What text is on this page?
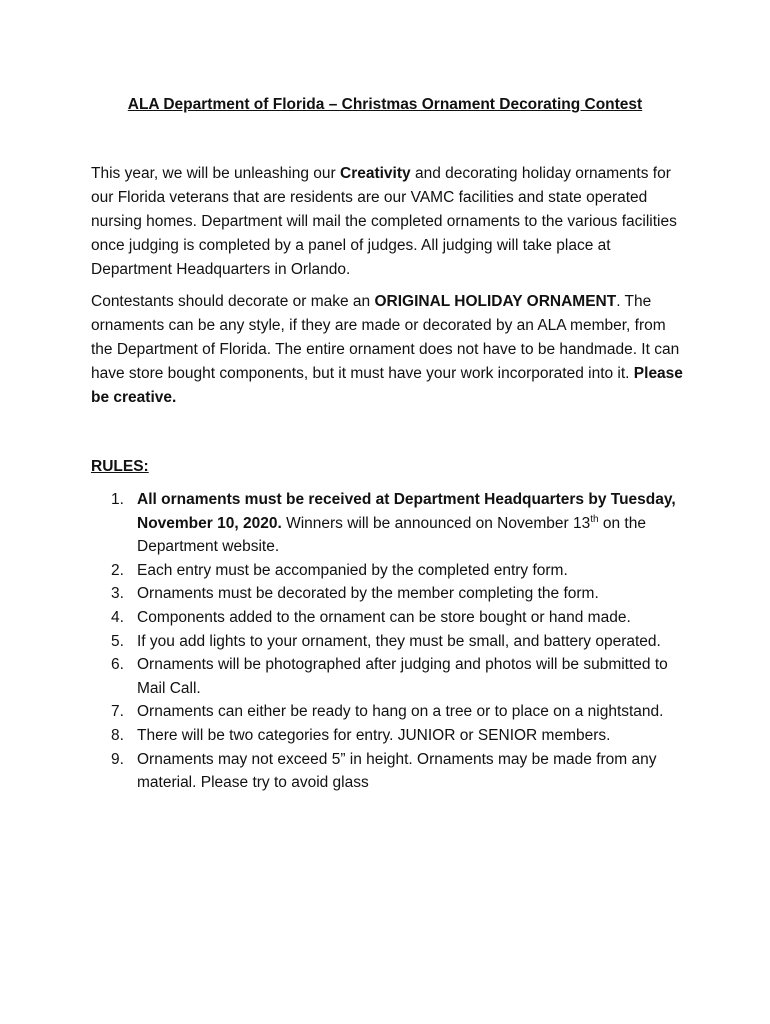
ALA Department of Florida – Christmas Ornament Decorating Contest

This year, we will be unleashing our Creativity and decorating holiday ornaments for our Florida veterans that are residents are our VAMC facilities and state operated nursing homes. Department will mail the completed ornaments to the various facilities once judging is completed by a panel of judges. All judging will take place at Department Headquarters in Orlando.

Contestants should decorate or make an ORIGINAL HOLIDAY ORNAMENT. The ornaments can be any style, if they are made or decorated by an ALA member, from the Department of Florida. The entire ornament does not have to be handmade. It can have store bought components, but it must have your work incorporated into it. Please be creative.

RULES:
1. All ornaments must be received at Department Headquarters by Tuesday, November 10, 2020. Winners will be announced on November 13th on the Department website.
2. Each entry must be accompanied by the completed entry form.
3. Ornaments must be decorated by the member completing the form.
4. Components added to the ornament can be store bought or hand made.
5. If you add lights to your ornament, they must be small, and battery operated.
6. Ornaments will be photographed after judging and photos will be submitted to Mail Call.
7. Ornaments can either be ready to hang on a tree or to place on a nightstand.
8. There will be two categories for entry. JUNIOR or SENIOR members.
9. Ornaments may not exceed 5” in height. Ornaments may be made from any material. Please try to avoid glass
